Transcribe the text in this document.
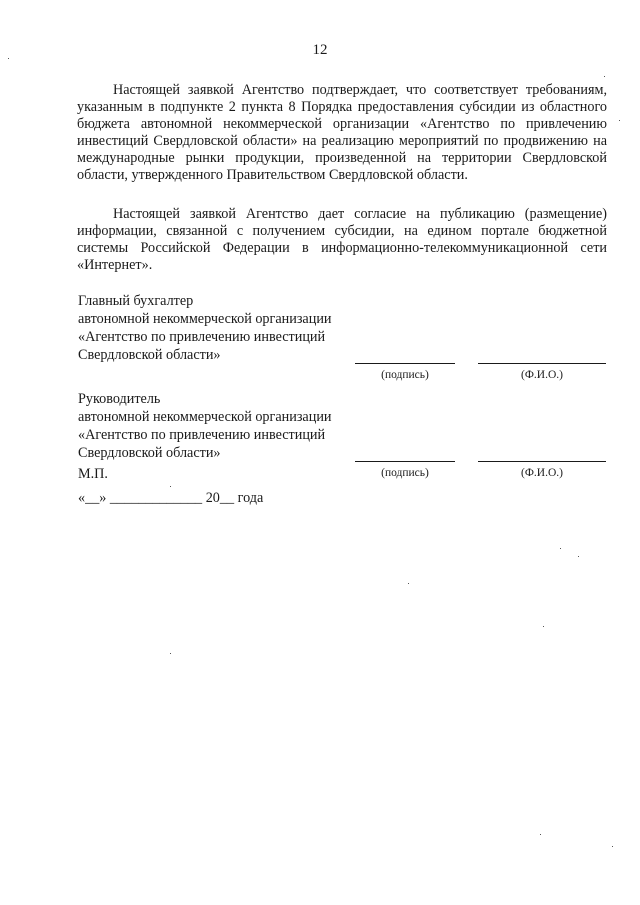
12

Настоящей заявкой Агентство подтверждает, что соответствует требованиям, указанным в подпункте 2 пункта 8 Порядка предоставления субсидии из областного бюджета автономной некоммерческой организации «Агентство по привлечению инвестиций Свердловской области» на реализацию мероприятий по продвижению на международные рынки продукции, произведенной на территории Свердловской области, утвержденного Правительством Свердловской области.

Настоящей заявкой Агентство дает согласие на публикацию (размещение) информации, связанной с получением субсидии, на едином портале бюджетной системы Российской Федерации в информационно-телекоммуникационной сети «Интернет».

Главный бухгалтер
автономной некоммерческой организации
«Агентство по привлечению инвестиций
Свердловской области»
(подпись)	(Ф.И.О.)
Руководитель
автономной некоммерческой организации
«Агентство по привлечению инвестиций
Свердловской области»
(подпись)	(Ф.И.О.)
М.П.
«__» _____________ 20__ года
